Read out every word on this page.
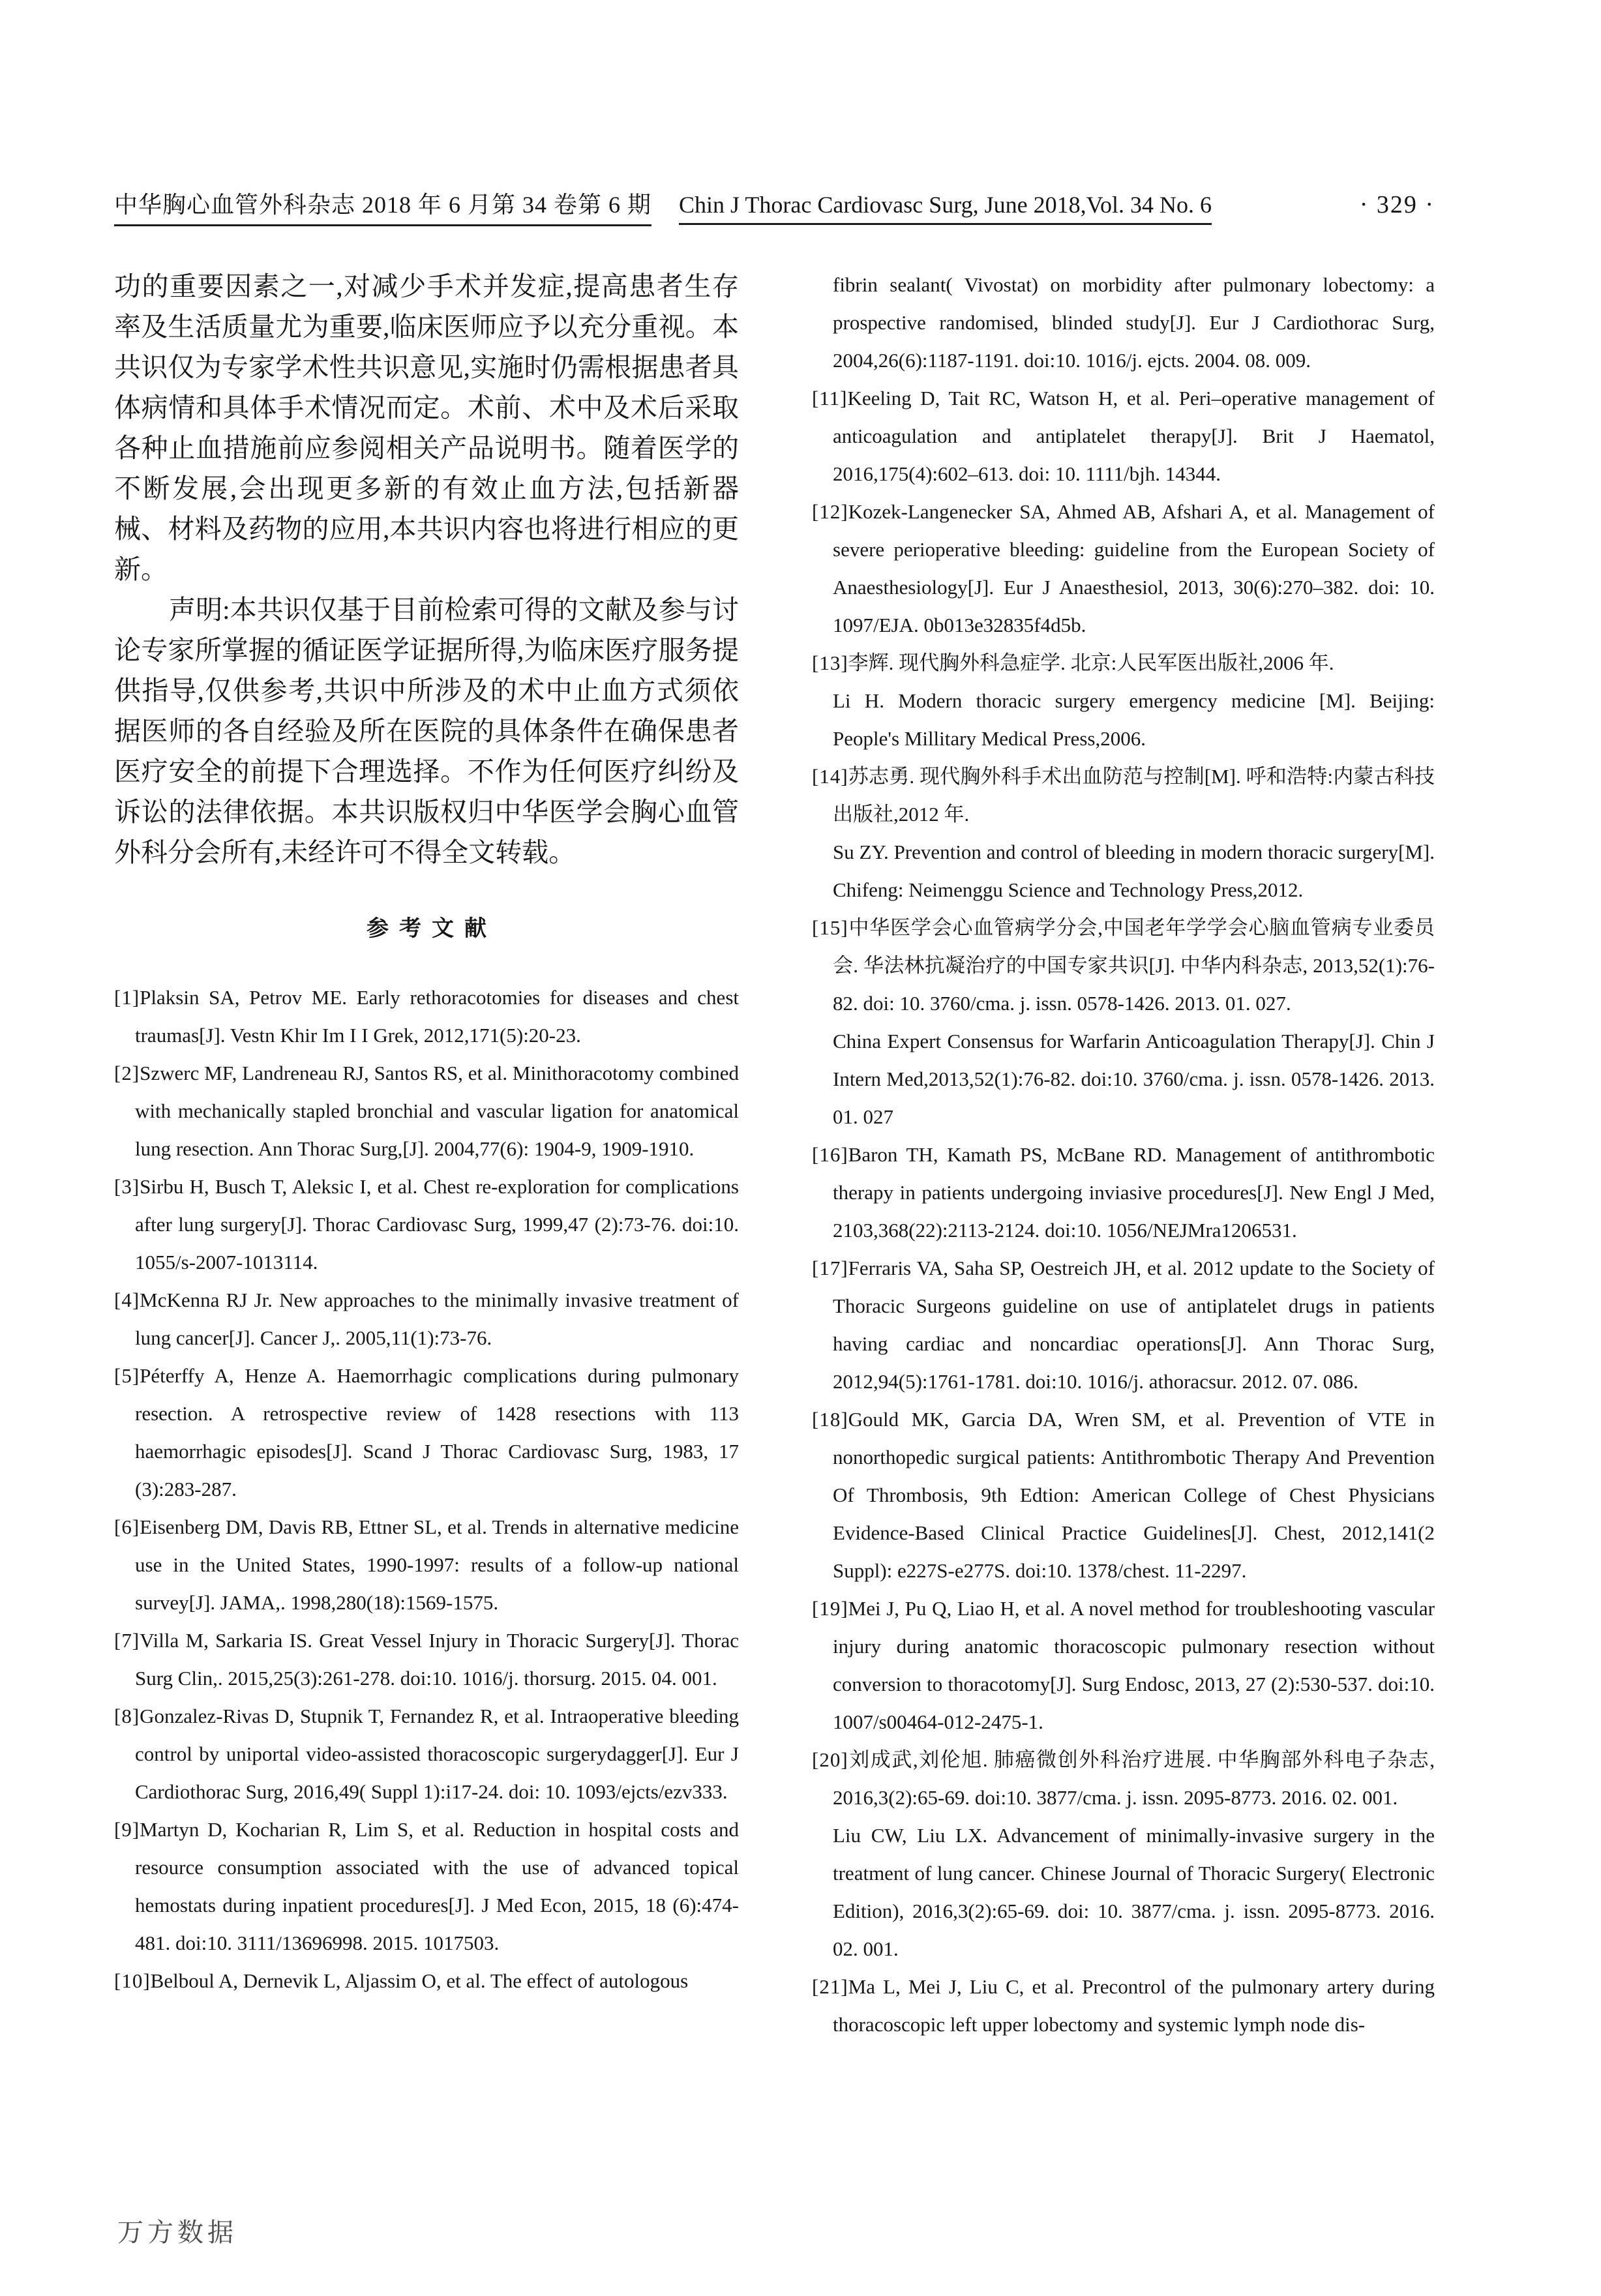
中华胸心血管外科杂志 2018 年 6 月第 34 卷第 6 期 Chin J Thorac Cardiovasc Surg, June 2018,Vol. 34 No. 6	· 329 ·

功的重要因素之一,对减少手术并发症,提高患者生存率及生活质量尤为重要,临床医师应予以充分重视。本共识仅为专家学术性共识意见,实施时仍需根据患者具体病情和具体手术情况而定。术前、术中及术后采取各种止血措施前应参阅相关产品说明书。随着医学的不断发展,会出现更多新的有效止血方法,包括新器械、材料及药物的应用,本共识内容也将进行相应的更新。

声明:本共识仅基于目前检索可得的文献及参与讨论专家所掌握的循证医学证据所得,为临床医疗服务提供指导,仅供参考,共识中所涉及的术中止血方式须依据医师的各自经验及所在医院的具体条件在确保患者医疗安全的前提下合理选择。不作为任何医疗纠纷及诉讼的法律依据。本共识版权归中华医学会胸心血管外科分会所有,未经许可不得全文转载。

参考文献
[1]Plaksin SA, Petrov ME. Early rethoracotomies for diseases and chest traumas[J]. Vestn Khir Im I I Grek, 2012,171(5):20-23.
[2]Szwerc MF, Landreneau RJ, Santos RS, et al. Minithoracotomy combined with mechanically stapled bronchial and vascular ligation for anatomical lung resection. Ann Thorac Surg,[J]. 2004,77(6): 1904-9, 1909-1910.
[3]Sirbu H, Busch T, Aleksic I, et al. Chest re-exploration for complications after lung surgery[J]. Thorac Cardiovasc Surg, 1999,47 (2):73-76. doi:10. 1055/s-2007-1013114.
[4]McKenna RJ Jr. New approaches to the minimally invasive treatment of lung cancer[J]. Cancer J,. 2005,11(1):73-76.
[5]Péterffy A, Henze A. Haemorrhagic complications during pulmonary resection. A retrospective review of 1428 resections with 113 haemorrhagic episodes[J]. Scand J Thorac Cardiovasc Surg, 1983, 17 (3):283-287.
[6]Eisenberg DM, Davis RB, Ettner SL, et al. Trends in alternative medicine use in the United States, 1990-1997: results of a follow-up national survey[J]. JAMA,. 1998,280(18):1569-1575.
[7]Villa M, Sarkaria IS. Great Vessel Injury in Thoracic Surgery[J]. Thorac Surg Clin,. 2015,25(3):261-278. doi:10. 1016/j. thorsurg. 2015. 04. 001.
[8]Gonzalez-Rivas D, Stupnik T, Fernandez R, et al. Intraoperative bleeding control by uniportal video-assisted thoracoscopic surgerydagger[J]. Eur J Cardiothorac Surg, 2016,49( Suppl 1):i17-24. doi: 10. 1093/ejcts/ezv333.
[9]Martyn D, Kocharian R, Lim S, et al. Reduction in hospital costs and resource consumption associated with the use of advanced topical hemostats during inpatient procedures[J]. J Med Econ, 2015, 18 (6):474-481. doi:10. 3111/13696998. 2015. 1017503.
[10]Belboul A, Dernevik L, Aljassim O, et al. The effect of autologous
fibrin sealant( Vivostat) on morbidity after pulmonary lobectomy: a prospective randomised, blinded study[J]. Eur J Cardiothorac Surg, 2004,26(6):1187-1191. doi:10. 1016/j. ejcts. 2004. 08. 009.
[11]Keeling D, Tait RC, Watson H, et al. Peri–operative management of anticoagulation and antiplatelet therapy[J]. Brit J Haematol, 2016,175(4):602–613. doi: 10. 1111/bjh. 14344.
[12]Kozek-Langenecker SA, Ahmed AB, Afshari A, et al. Management of severe perioperative bleeding: guideline from the European Society of Anaesthesiology[J]. Eur J Anaesthesiol, 2013, 30(6):270–382. doi: 10. 1097/EJA. 0b013e32835f4d5b.
[13]李辉. 现代胸外科急症学. 北京:人民军医出版社,2006 年.
Li H. Modern thoracic surgery emergency medicine [M]. Beijing: People's Millitary Medical Press,2006.
[14]苏志勇. 现代胸外科手术出血防范与控制[M]. 呼和浩特:内蒙古科技出版社,2012 年.
Su ZY. Prevention and control of bleeding in modern thoracic surgery[M]. Chifeng: Neimenggu Science and Technology Press,2012.
[15]中华医学会心血管病学分会,中国老年学学会心脑血管病专业委员会. 华法林抗凝治疗的中国专家共识[J]. 中华内科杂志, 2013,52(1):76-82. doi: 10. 3760/cma. j. issn. 0578-1426. 2013. 01. 027.
China Expert Consensus for Warfarin Anticoagulation Therapy[J]. Chin J Intern Med,2013,52(1):76-82. doi:10. 3760/cma. j. issn. 0578-1426. 2013. 01. 027
[16]Baron TH, Kamath PS, McBane RD. Management of antithrombotic therapy in patients undergoing inviasive procedures[J]. New Engl J Med, 2103,368(22):2113-2124. doi:10. 1056/NEJMra1206531.
[17]Ferraris VA, Saha SP, Oestreich JH, et al. 2012 update to the Society of Thoracic Surgeons guideline on use of antiplatelet drugs in patients having cardiac and noncardiac operations[J]. Ann Thorac Surg, 2012,94(5):1761-1781. doi:10. 1016/j. athoracsur. 2012. 07. 086.
[18]Gould MK, Garcia DA, Wren SM, et al. Prevention of VTE in nonorthopedic surgical patients: Antithrombotic Therapy And Prevention Of Thrombosis, 9th Edtion: American College of Chest Physicians Evidence-Based Clinical Practice Guidelines[J]. Chest, 2012,141(2 Suppl): e227S-e277S. doi:10. 1378/chest. 11-2297.
[19]Mei J, Pu Q, Liao H, et al. A novel method for troubleshooting vascular injury during anatomic thoracoscopic pulmonary resection without conversion to thoracotomy[J]. Surg Endosc, 2013, 27 (2):530-537. doi:10. 1007/s00464-012-2475-1.
[20]刘成武,刘伦旭. 肺癌微创外科治疗进展. 中华胸部外科电子杂志, 2016,3(2):65-69. doi:10. 3877/cma. j. issn. 2095-8773. 2016. 02. 001.
Liu CW, Liu LX. Advancement of minimally-invasive surgery in the treatment of lung cancer. Chinese Journal of Thoracic Surgery( Electronic Edition), 2016,3(2):65-69. doi: 10. 3877/cma. j. issn. 2095-8773. 2016. 02. 001.
[21]Ma L, Mei J, Liu C, et al. Precontrol of the pulmonary artery during thoracoscopic left upper lobectomy and systemic lymph node dis-
万方数据
